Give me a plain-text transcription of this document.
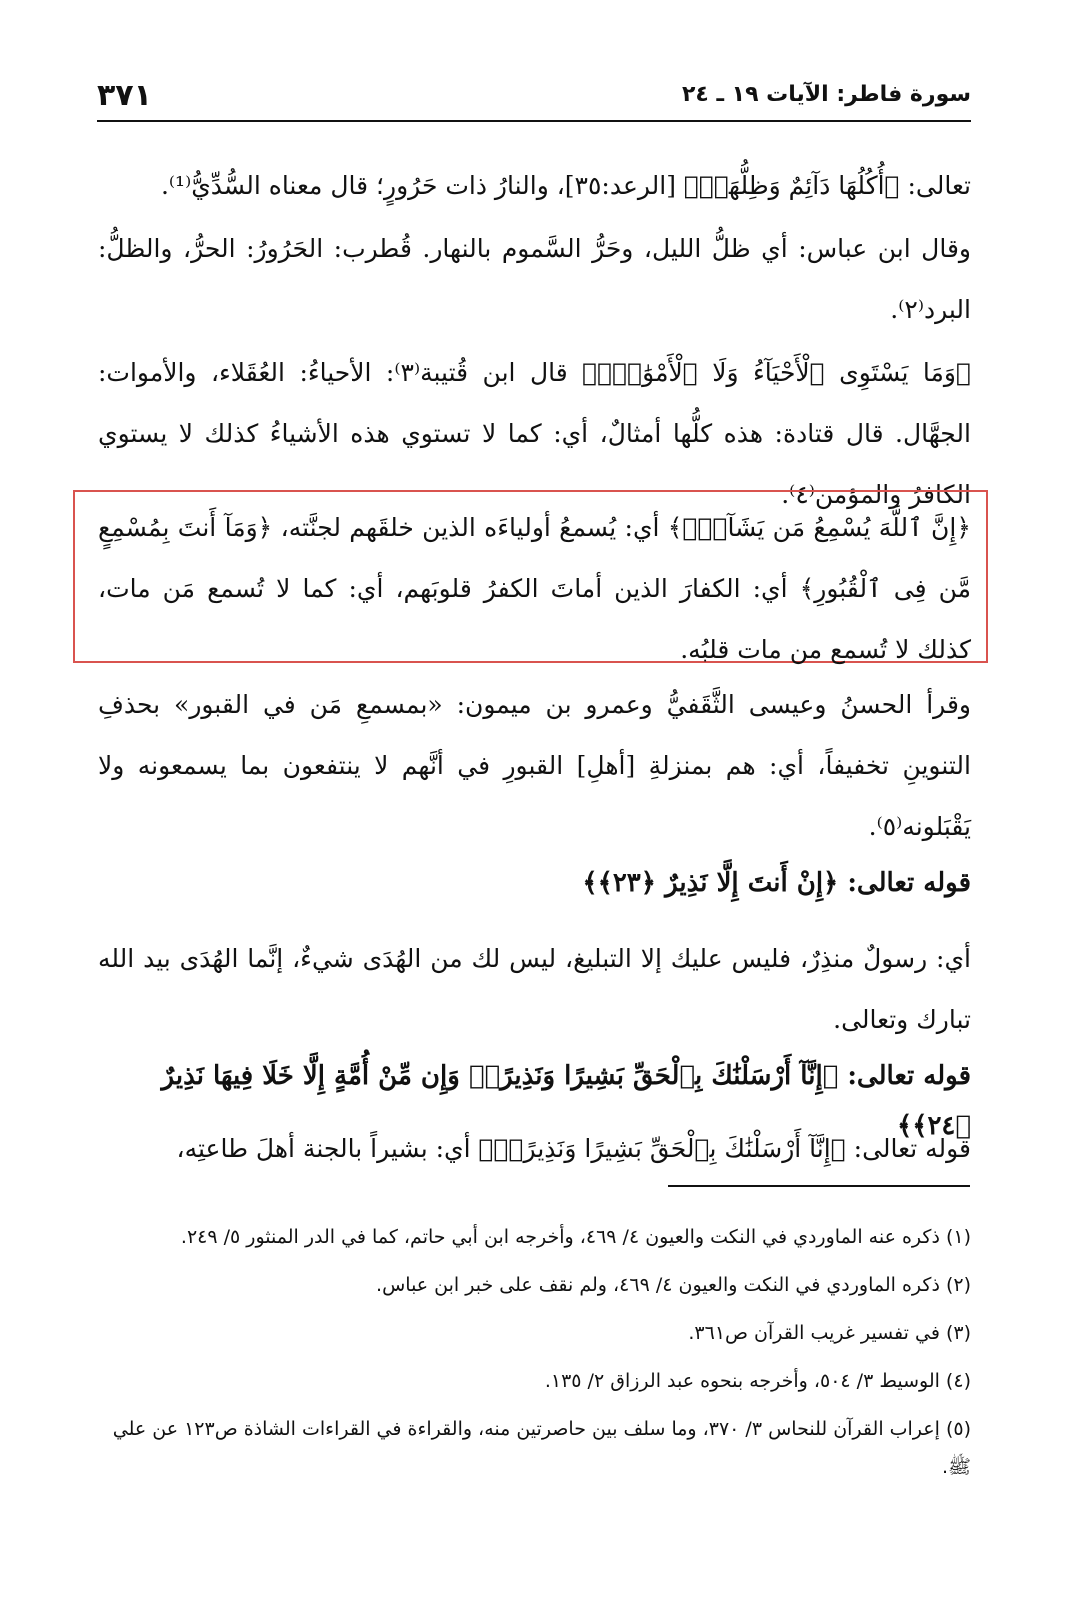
سورة فاطر: الآيات ١٩ ـ ٢٤
٣٧١

تعالى: ﴿أُكُلُهَا دَآئِمٌ وَظِلُّهَاۚ﴾ [الرعد:٣٥]، والنارُ ذات حَرُورٍ؛ قال معناه السُّدِّيُّ⁽¹⁾.

وقال ابن عباس: أي ظلُّ الليل، وحَرُّ السَّموم بالنهار. قُطرب: الحَرُورُ: الحرُّ، والظلُّ: البرد⁽٢⁾.

﴿وَمَا يَسْتَوِى ٱلْأَحْيَآءُ وَلَا ٱلْأَمْوَٰتُۚ﴾ قال ابن قُتيبة⁽٣⁾: الأحياءُ: العُقَلاء، والأموات: الجهَّال. قال قتادة: هذه كلُّها أمثالٌ، أي: كما لا تستوي هذه الأشياءُ كذلك لا يستوي الكافرُ والمؤمن⁽٤⁾.

﴿إِنَّ ٱللَّهَ يُسْمِعُ مَن يَشَآءُۖ﴾ أي: يُسمعُ أولياءَه الذين خلقَهم لجنَّته، ﴿وَمَآ أَنتَ بِمُسْمِعٍ مَّن فِى ٱلْقُبُورِ﴾ أي: الكفارَ الذين أماتَ الكفرُ قلوبَهم، أي: كما لا تُسمع مَن مات، كذلك لا تُسمع من مات قلبُه.

وقرأ الحسنُ وعيسى الثَّقَفيُّ وعمرو بن ميمون: «بمسمعِ مَن في القبور» بحذفِ التنوينِ تخفيفاً، أي: هم بمنزلةِ [أهلِ] القبورِ في أنَّهم لا ينتفعون بما يسمعونه ولا يَقْبَلونه⁽٥⁾.

قوله تعالى: ﴿إِنْ أَنتَ إِلَّا نَذِيرٌ ﴿٢٣﴾﴾

أي: رسولٌ منذِرٌ، فليس عليك إلا التبليغ، ليس لك من الهُدَى شيءٌ، إنَّما الهُدَى بيد الله تبارك وتعالى.

قوله تعالى: ﴿إِنَّآ أَرْسَلْنَٰكَ بِٱلْحَقِّ بَشِيرًا وَنَذِيرًاۚ وَإِن مِّنْ أُمَّةٍ إِلَّا خَلَا فِيهَا نَذِيرٌ ﴿٢٤﴾﴾

قوله تعالى: ﴿إِنَّآ أَرْسَلْنَٰكَ بِٱلْحَقِّ بَشِيرًا وَنَذِيرًاۚ﴾ أي: بشيراً بالجنة أهلَ طاعتِه،

(١) ذكره عنه الماوردي في النكت والعيون ٤/ ٤٦٩، وأخرجه ابن أبي حاتم، كما في الدر المنثور ٥/ ٢٤٩.

(٢) ذكره الماوردي في النكت والعيون ٤/ ٤٦٩، ولم نقف على خبر ابن عباس.

(٣) في تفسير غريب القرآن ص٣٦١.

(٤) الوسيط ٣/ ٥٠٤، وأخرجه بنحوه عبد الرزاق ٢/ ١٣٥.

(٥) إعراب القرآن للنحاس ٣/ ٣٧٠، وما سلف بين حاصرتين منه، والقراءة في القراءات الشاذة ص١٢٣ عن علي ﷺ.
